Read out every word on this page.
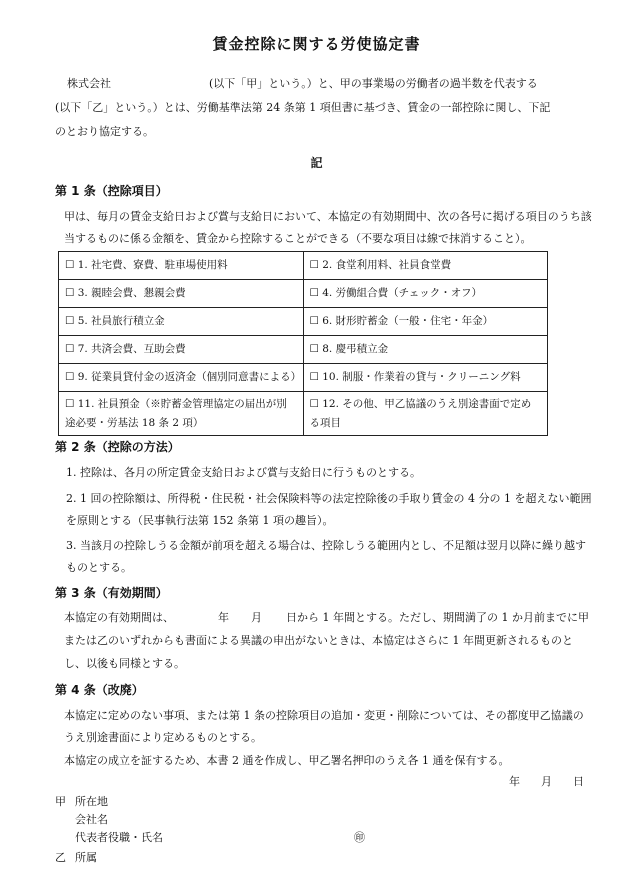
賃金控除に関する労使協定書
株式会社	(以下「甲」という。）と、甲の事業場の労働者の過半数を代表する
(以下「乙」という。）とは、労働基準法第 24 条第 1 項但書に基づき、賃金の一部控除に関し、下記
のとおり協定する。
記
第 1 条（控除項目）
甲は、毎月の賃金支給日および賞与支給日において、本協定の有効期間中、次の各号に掲げる項目のうち該
当するものに係る金額を、賃金から控除することができる（不要な項目は線で抹消すること）。
☐ 1. 社宅費、寮費、駐車場使用料	☐ 2. 食堂利用料、社員食堂費
☐ 3. 親睦会費、懇親会費	☐ 4. 労働組合費（チェック・オフ）
☐ 5. 社員旅行積立金	☐ 6. 財形貯蓄金（一般・住宅・年金）
☐ 7. 共済会費、互助会費	☐ 8. 慶弔積立金
☐ 9. 従業員貸付金の返済金（個別同意書による）	☐ 10. 制服・作業着の貸与・クリーニング料
☐ 11. 社員預金（※貯蓄金管理協定の届出が別途必要・労基法 18 条 2 項）	☐ 12. その他、甲乙協議のうえ別途書面で定める項目
第 2 条（控除の方法）
1. 控除は、各月の所定賃金支給日および賞与支給日に行うものとする。
2. 1 回の控除額は、所得税・住民税・社会保険料等の法定控除後の手取り賃金の 4 分の 1 を超えない範囲
を原則とする（民事執行法第 152 条第 1 項の趣旨）。
3. 当該月の控除しうる金額が前項を超える場合は、控除しうる範囲内とし、不足額は翌月以降に繰り越す
ものとする。
第 3 条（有効期間）
本協定の有効期間は、	年 月 日から 1 年間とする。ただし、期間満了の 1 か月前までに甲
または乙のいずれからも書面による異議の申出がないときは、本協定はさらに 1 年間更新されるものと
し、以後も同様とする。
第 4 条（改廃）
本協定に定めのない事項、または第 1 条の控除項目の追加・変更・削除については、その都度甲乙協議の
うえ別途書面により定めるものとする。
本協定の成立を証するため、本書 2 通を作成し、甲乙署名押印のうえ各 1 通を保有する。
年 月 日
甲 所在地
会社名
代表者役職・氏名	㊞
乙 所属
